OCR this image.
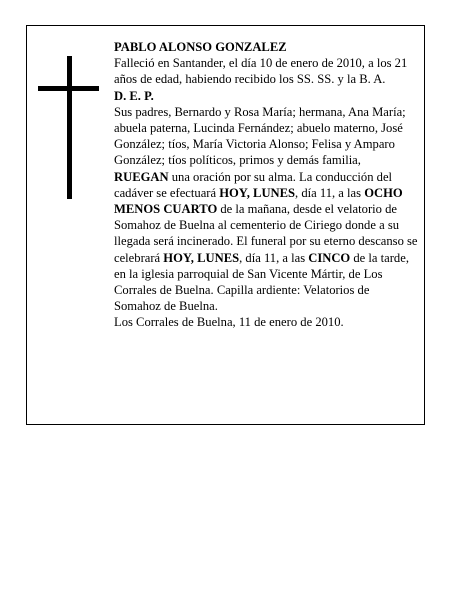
PABLO ALONSO GONZALEZ

Falleció en Santander, el día 10 de enero de 2010, a los 21 años de edad, habiendo recibido los SS. SS. y la B. A.

D. E. P.

Sus padres, Bernardo y Rosa María; hermana, Ana María; abuela paterna, Lucinda Fernández; abuelo materno, José González; tíos, María Victoria Alonso; Felisa y Amparo González; tíos políticos, primos y demás familia,

RUEGAN una oración por su alma. La conducción del cadáver se efectuará HOY, LUNES, día 11, a las OCHO MENOS CUARTO de la mañana, desde el velatorio de Somahoz de Buelna al cementerio de Ciriego donde a su llegada será incinerado. El funeral por su eterno descanso se celebrará HOY, LUNES, día 11, a las CINCO de la tarde, en la iglesia parroquial de San Vicente Mártir, de Los Corrales de Buelna. Capilla ardiente: Velatorios de Somahoz de Buelna.

Los Corrales de Buelna, 11 de enero de 2010.
